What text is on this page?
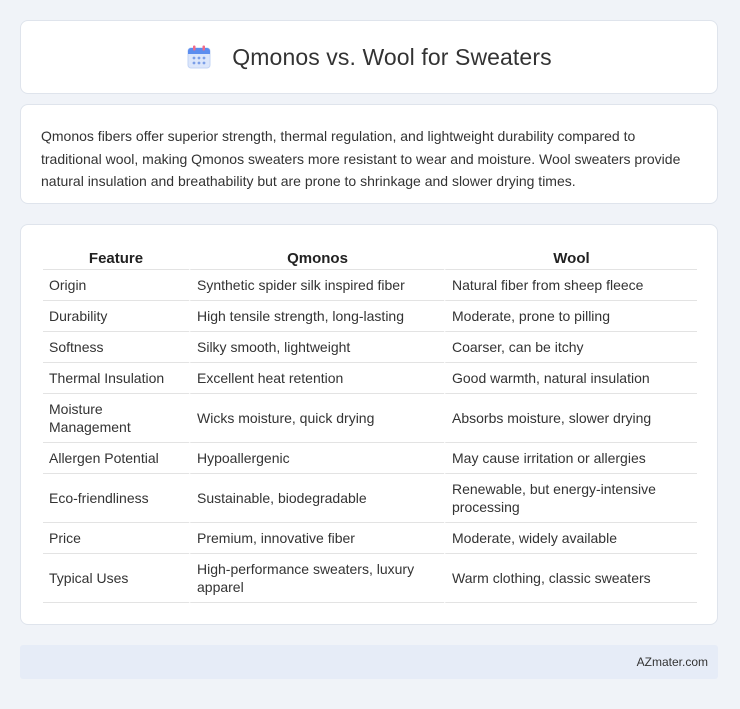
Qmonos vs. Wool for Sweaters

Qmonos fibers offer superior strength, thermal regulation, and lightweight durability compared to traditional wool, making Qmonos sweaters more resistant to wear and moisture. Wool sweaters provide natural insulation and breathability but are prone to shrinkage and slower drying times.

Feature	Qmonos	Wool
Origin	Synthetic spider silk inspired fiber	Natural fiber from sheep fleece
Durability	High tensile strength, long-lasting	Moderate, prone to pilling
Softness	Silky smooth, lightweight	Coarser, can be itchy
Thermal Insulation	Excellent heat retention	Good warmth, natural insulation
Moisture Management	Wicks moisture, quick drying	Absorbs moisture, slower drying
Allergen Potential	Hypoallergenic	May cause irritation or allergies
Eco-friendliness	Sustainable, biodegradable	Renewable, but energy-intensive processing
Price	Premium, innovative fiber	Moderate, widely available
Typical Uses	High-performance sweaters, luxury apparel	Warm clothing, classic sweaters
AZmater.com
